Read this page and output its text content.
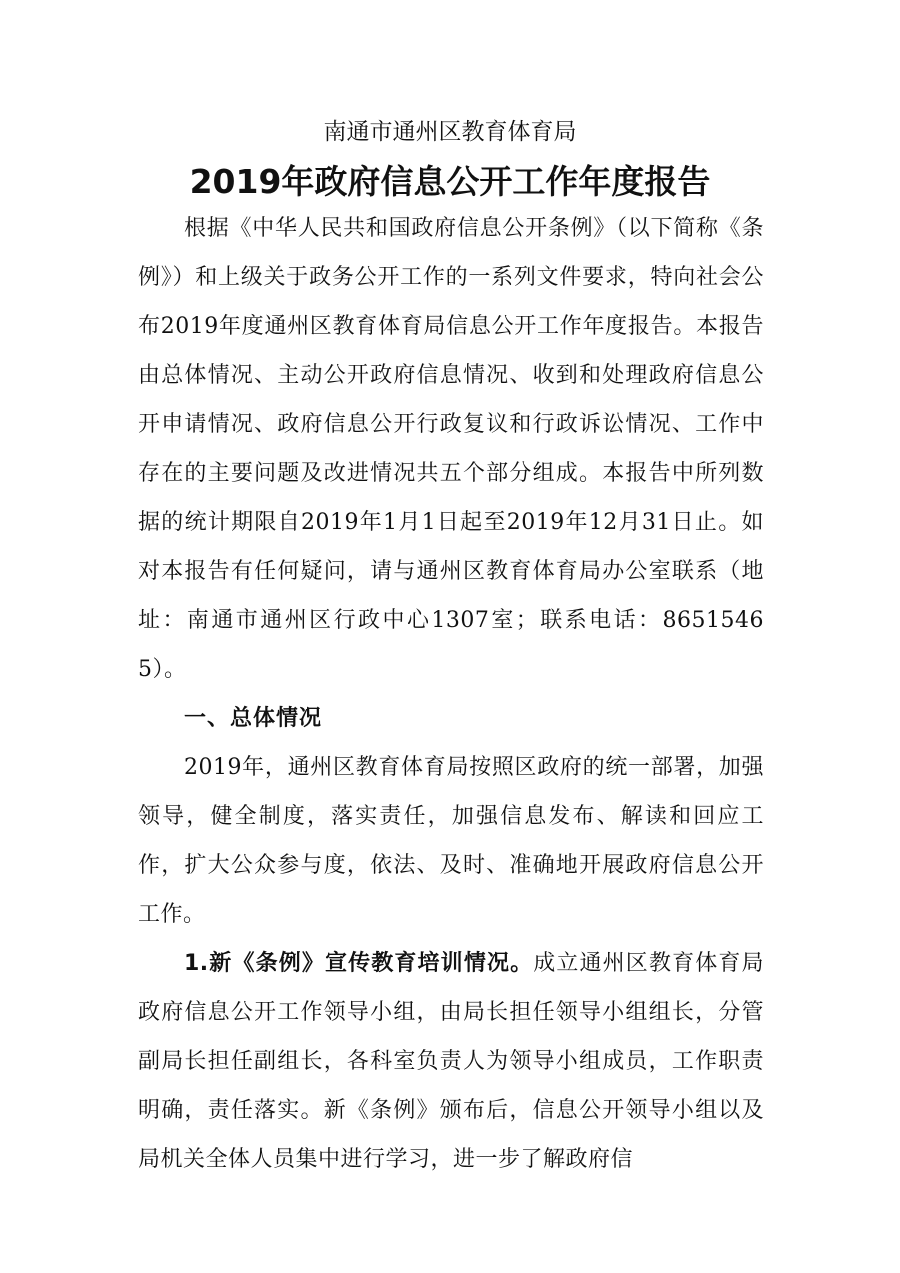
南通市通州区教育体育局
2019年政府信息公开工作年度报告

根据《中华人民共和国政府信息公开条例》（以下简称《条例》）和上级关于政务公开工作的一系列文件要求，特向社会公布2019年度通州区教育体育局信息公开工作年度报告。本报告由总体情况、主动公开政府信息情况、收到和处理政府信息公开申请情况、政府信息公开行政复议和行政诉讼情况、工作中存在的主要问题及改进情况共五个部分组成。本报告中所列数据的统计期限自2019年1月1日起至2019年12月31日止。如对本报告有任何疑问，请与通州区教育体育局办公室联系（地址：南通市通州区行政中心1307室；联系电话：86515465）。

一、总体情况

2019年，通州区教育体育局按照区政府的统一部署，加强领导，健全制度，落实责任，加强信息发布、解读和回应工作，扩大公众参与度，依法、及时、准确地开展政府信息公开工作。

1.新《条例》宣传教育培训情况。成立通州区教育体育局政府信息公开工作领导小组，由局长担任领导小组组长，分管副局长担任副组长，各科室负责人为领导小组成员，工作职责明确，责任落实。新《条例》颁布后，信息公开领导小组以及局机关全体人员集中进行学习，进一步了解政府信
